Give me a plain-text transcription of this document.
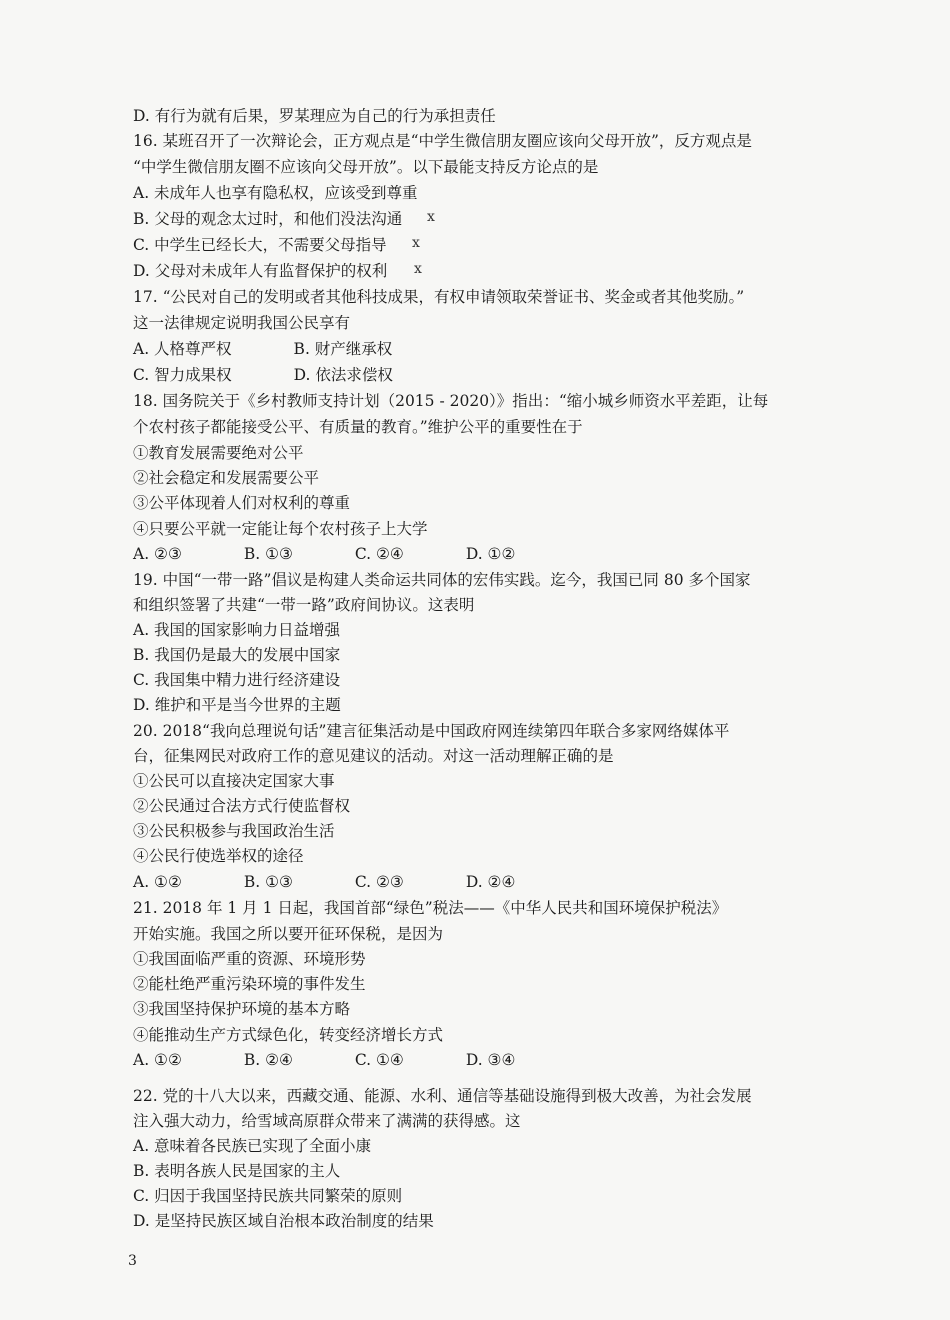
D. 有行为就有后果，罗某理应为自己的行为承担责任
16. 某班召开了一次辩论会，正方观点是“中学生微信朋友圈应该向父母开放”，反方观点是
“中学生微信朋友圈不应该向父母开放”。以下最能支持反方论点的是
A. 未成年人也享有隐私权，应该受到尊重
B. 父母的观念太过时，和他们没法沟通
C. 中学生已经长大，不需要父母指导
D. 父母对未成年人有监督保护的权利
17. “公民对自己的发明或者其他科技成果，有权申请领取荣誉证书、奖金或者其他奖励。”
这一法律规定说明我国公民享有
A. 人格尊严权　　　　B. 财产继承权
C. 智力成果权　　　　D. 依法求偿权
18. 国务院关于《乡村教师支持计划（2015 - 2020）》指出：“缩小城乡师资水平差距，让每
个农村孩子都能接受公平、有质量的教育。”维护公平的重要性在于
①教育发展需要绝对公平
②社会稳定和发展需要公平
③公平体现着人们对权利的尊重
④只要公平就一定能让每个农村孩子上大学
A. ②③　　　　B. ①③　　　　C. ②④　　　　D. ①②
19. 中国“一带一路”倡议是构建人类命运共同体的宏伟实践。迄今，我国已同 80 多个国家
和组织签署了共建“一带一路”政府间协议。这表明
A. 我国的国家影响力日益增强
B. 我国仍是最大的发展中国家
C. 我国集中精力进行经济建设
D. 维护和平是当今世界的主题
20. 2018“我向总理说句话”建言征集活动是中国政府网连续第四年联合多家网络媒体平
台，征集网民对政府工作的意见建议的活动。对这一活动理解正确的是
①公民可以直接决定国家大事
②公民通过合法方式行使监督权
③公民积极参与我国政治生活
④公民行使选举权的途径
A. ①②　　　　B. ①③　　　　C. ②③　　　　D. ②④
21. 2018 年 1 月 1 日起，我国首部“绿色”税法——《中华人民共和国环境保护税法》
开始实施。我国之所以要开征环保税，是因为
①我国面临严重的资源、环境形势
②能杜绝严重污染环境的事件发生
③我国坚持保护环境的基本方略
④能推动生产方式绿色化，转变经济增长方式
A. ①②　　　　B. ②④　　　　C. ①④　　　　D. ③④
22. 党的十八大以来，西藏交通、能源、水利、通信等基础设施得到极大改善，为社会发展
注入强大动力，给雪域高原群众带来了满满的获得感。这
A. 意味着各民族已实现了全面小康
B. 表明各族人民是国家的主人
C. 归因于我国坚持民族共同繁荣的原则
D. 是坚持民族区域自治根本政治制度的结果
x
x
x
3
